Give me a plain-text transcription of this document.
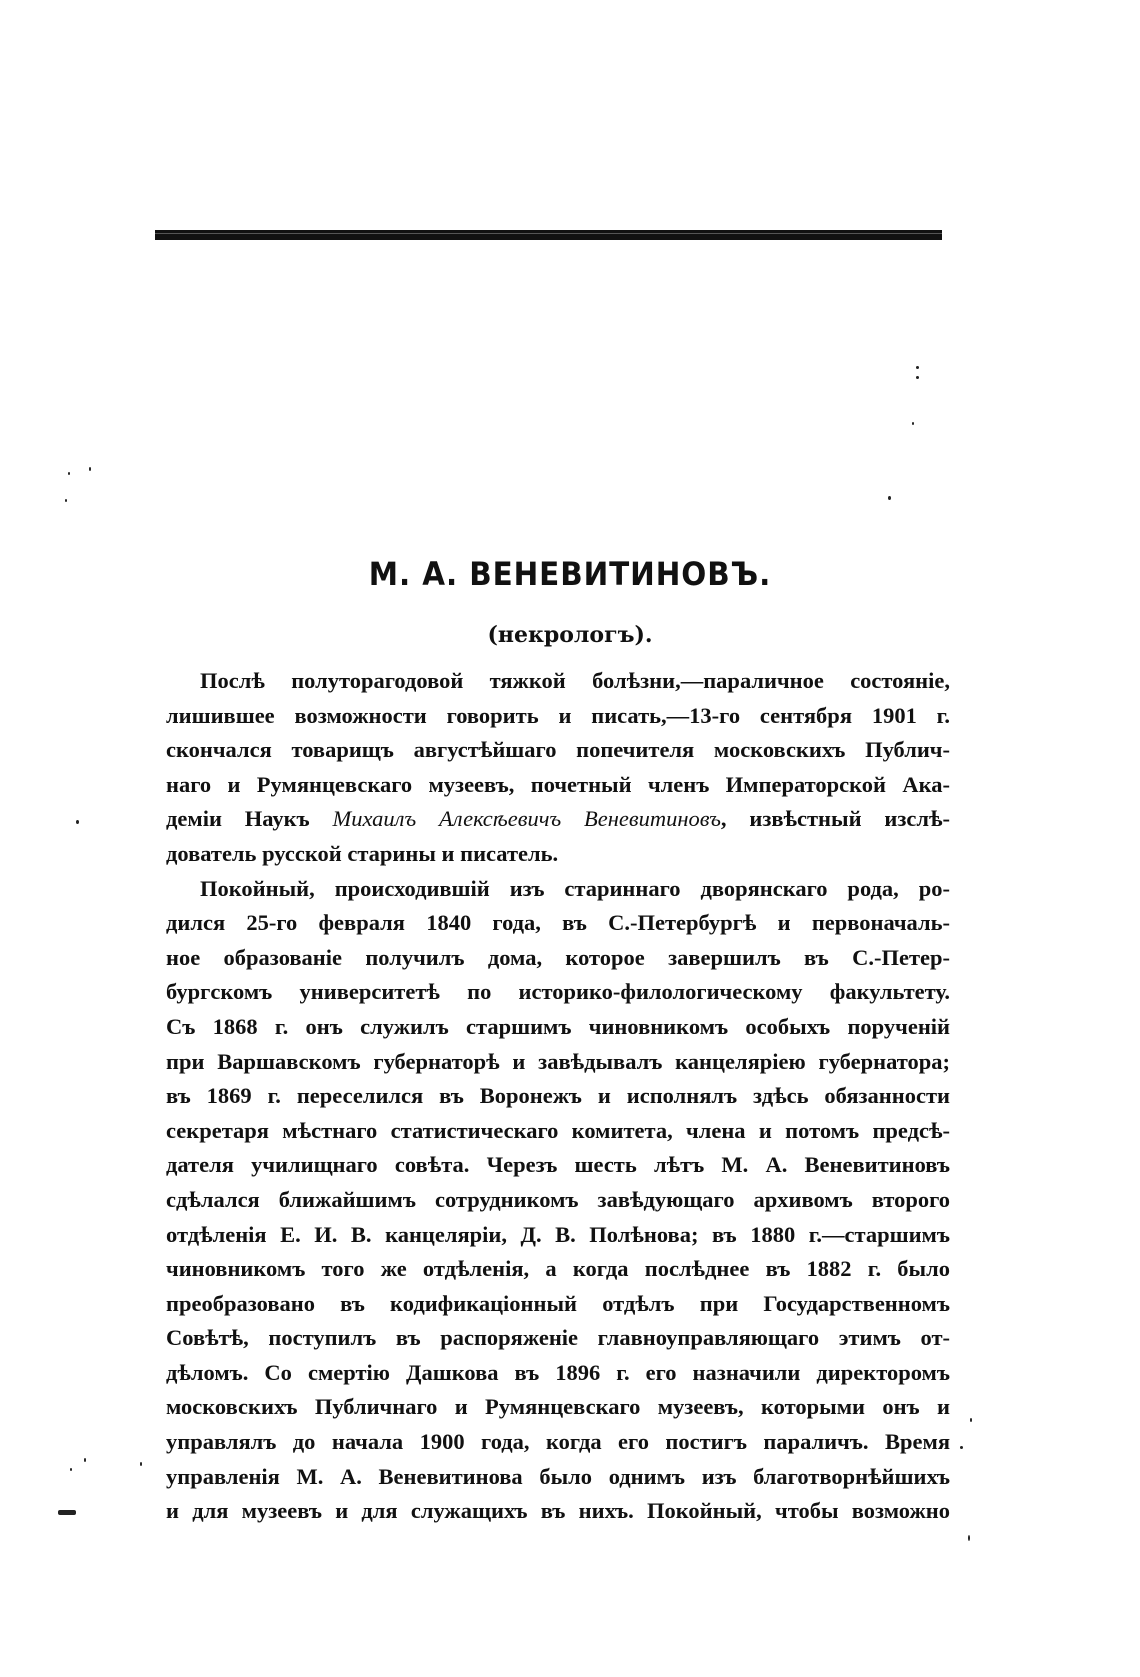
М. А. ВЕНЕВИТИНОВЪ.
(некрологъ).
Послѣ полуторагодовой тяжкой болѣзни,—параличное состояніе,
лишившее возможности говорить и писать,—13-го сентября 1901 г.
скончался товарищъ августѣйшаго попечителя московскихъ Публич-
наго и Румянцевскаго музеевъ, почетный членъ Императорской Ака-
деміи Наукъ Михаилъ Алексѣевичъ Веневитиновъ, извѣстный изслѣ-
дователь русской старины и писатель.
Покойный, происходившій изъ стариннаго дворянскаго рода, ро-
дился 25-го февраля 1840 года, въ С.-Петербургѣ и первоначаль-
ное образованіе получилъ дома, которое завершилъ въ С.-Петер-
бургскомъ университетѣ по историко-филологическому факультету.
Съ 1868 г. онъ служилъ старшимъ чиновникомъ особыхъ порученій
при Варшавскомъ губернаторѣ и завѣдывалъ канцеляріею губернатора;
въ 1869 г. переселился въ Воронежъ и исполнялъ здѣсь обязанности
секретаря мѣстнаго статистическаго комитета, члена и потомъ предсѣ-
дателя училищнаго совѣта. Черезъ шесть лѣтъ М. А. Веневитиновъ
сдѣлался ближайшимъ сотрудникомъ завѣдующаго архивомъ второго
отдѣленія Е. И. В. канцеляріи, Д. В. Полѣнова; въ 1880 г.—старшимъ
чиновникомъ того же отдѣленія, а когда послѣднее въ 1882 г. было
преобразовано въ кодификаціонный отдѣлъ при Государственномъ
Совѣтѣ, поступилъ въ распоряженіе главноуправляющаго этимъ от-
дѣломъ. Со смертію Дашкова въ 1896 г. его назначили директоромъ
московскихъ Публичнаго и Румянцевскаго музеевъ, которыми онъ и
управлялъ до начала 1900 года, когда его постигъ параличъ. Время
управленія М. А. Веневитинова было однимъ изъ благотворнѣйшихъ
и для музеевъ и для служащихъ въ нихъ. Покойный, чтобы возможно
